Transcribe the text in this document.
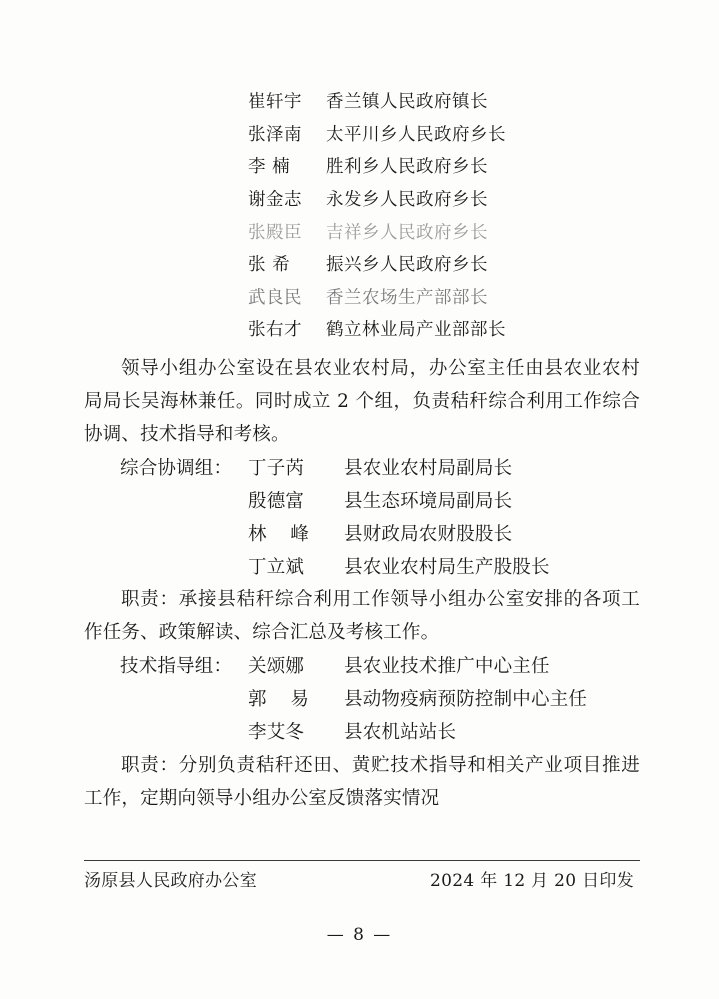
崔轩宇	香兰镇人民政府镇长
张泽南	太平川乡人民政府乡长
李 楠	胜利乡人民政府乡长
谢金志	永发乡人民政府乡长
张殿臣	吉祥乡人民政府乡长
张 希	振兴乡人民政府乡长
武良民	香兰农场生产部部长
张右才	鹤立林业局产业部部长

领导小组办公室设在县农业农村局，办公室主任由县农业农村局局长吴海林兼任。同时成立 2 个组，负责秸秆综合利用工作综合协调、技术指导和考核。

综合协调组： 丁子芮	县农业农村局副局长
殷德富	县生态环境局副局长
林 峰	县财政局农财股股长
丁立斌	县农业农村局生产股股长

职责：承接县秸秆综合利用工作领导小组办公室安排的各项工作任务、政策解读、综合汇总及考核工作。

技术指导组： 关颂娜	县农业技术推广中心主任
郭 易	县动物疫病预防控制中心主任
李艾冬	县农机站站长

职责：分别负责秸秆还田、黄贮技术指导和相关产业项目推进工作，定期向领导小组办公室反馈落实情况

汤原县人民政府办公室	2024 年 12 月 20 日印发
— 8 —
